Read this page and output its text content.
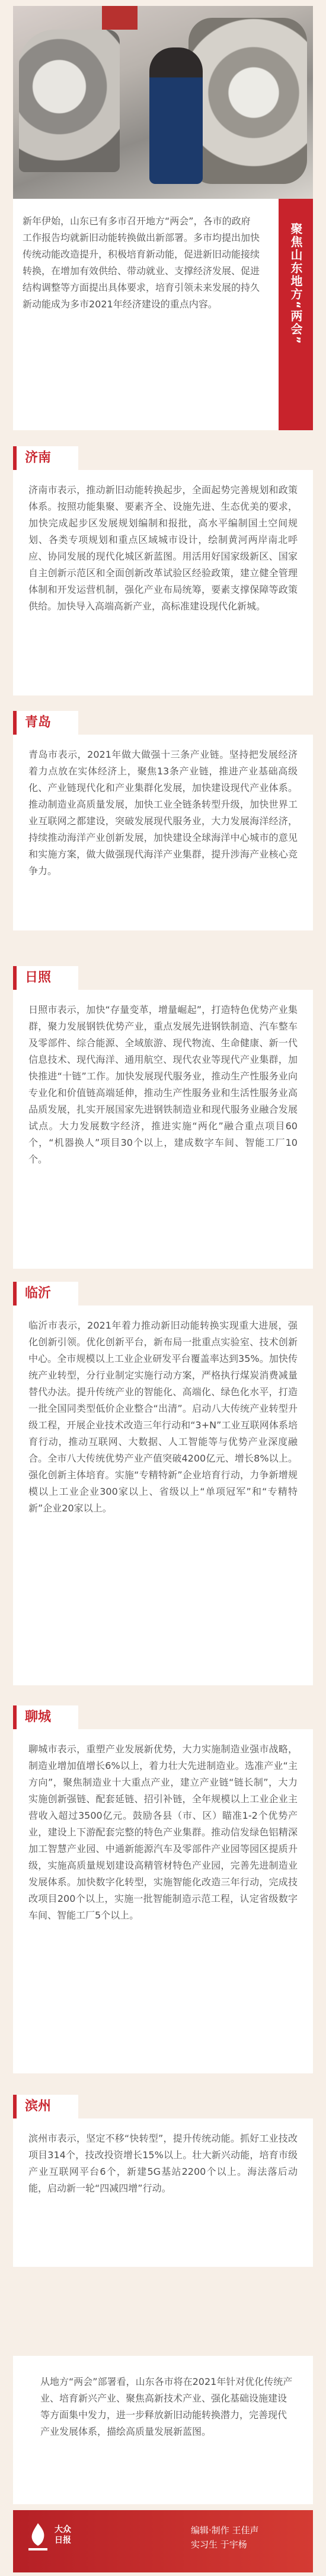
新年伊始，山东已有多市召开地方“两会”，各市的政府工作报告均就新旧动能转换做出新部署。多市均提出加快传统动能改造提升，积极培育新动能，促进新旧动能接续转换，在增加有效供给、带动就业、支撑经济发展、促进结构调整等方面提出具体要求，培育引领未来发展的持久新动能成为多市2021年经济建设的重点内容。	聚焦山东地方“两会”
济南
济南市表示，推动新旧动能转换起步，全面起势完善规划和政策体系。按照功能集聚、要素齐全、设施先进、生态优美的要求，加快完成起步区发展规划编制和报批，高水平编制国土空间规划、各类专项规划和重点区域城市设计，绘制黄河两岸南北呼应、协同发展的现代化城区新蓝图。用活用好国家级新区、国家自主创新示范区和全面创新改革试验区经验政策，建立健全管理体制和开发运营机制，强化产业布局统筹，要素支撑保障等政策供给。加快导入高端高新产业，高标准建设现代化新城。
青岛
青岛市表示，2021年做大做强十三条产业链。坚持把发展经济着力点放在实体经济上，聚焦13条产业链，推进产业基础高级化、产业链现代化和产业集群化发展，加快建设现代产业体系。推动制造业高质量发展，加快工业全链条转型升级，加快世界工业互联网之都建设，突破发展现代服务业，大力发展海洋经济，持续推动海洋产业创新发展，加快建设全球海洋中心城市的意见和实施方案，做大做强现代海洋产业集群，提升涉海产业核心竞争力。
日照
日照市表示，加快“存量变革，增量崛起”，打造特色优势产业集群，聚力发展钢铁优势产业，重点发展先进钢铁制造、汽车整车及零部件、综合能源、全域旅游、现代物流、生命健康、新一代信息技术、现代海洋、通用航空、现代农业等现代产业集群，加快推进“十链”工作。加快发展现代服务业，推动生产性服务业向专业化和价值链高端延伸，推动生产性服务业和生活性服务业高品质发展，扎实开展国家先进钢铁制造业和现代服务业融合发展试点。大力发展数字经济，推进实施“两化”融合重点项目60个，“机器换人”项目30个以上，建成数字车间、智能工厂10个。
临沂
临沂市表示，2021年着力推动新旧动能转换实现重大进展，强化创新引领。优化创新平台，新布局一批重点实验室、技术创新中心。全市规模以上工业企业研发平台覆盖率达到35%。加快传统产业转型，分行业制定实施行动方案，严格执行煤炭消费减量替代办法。提升传统产业的智能化、高端化、绿色化水平，打造一批全国同类型低价企业整合“出清”。启动八大传统产业转型升级工程，开展企业技术改造三年行动和“3+N”工业互联网体系培育行动，推动互联网、大数据、人工智能等与优势产业深度融合。全市八大传统优势产业产值突破4200亿元、增长8%以上。强化创新主体培育。实施“专精特新”企业培育行动，力争新增规模以上工业企业300家以上、省级以上“单项冠军”和“专精特新”企业20家以上。
聊城
聊城市表示，重塑产业发展新优势，大力实施制造业强市战略，制造业增加值增长6%以上，着力壮大先进制造业。选准产业“主方向”，聚焦制造业十大重点产业，建立产业链“链长制”，大力实施创新强链、配套延链、招引补链，全年规模以上工业企业主营收入超过3500亿元。鼓励各县（市、区）瞄准1-2个优势产业，建设上下游配套完整的特色产业集群。推动信发绿色铝精深加工智慧产业园、中通新能源汽车及零部件产业园等园区提质升级，实施高质量规划建设高精管材特色产业园，完善先进制造业发展体系。加快数字化转型，实施智能化改造三年行动，完成技改项目200个以上，实施一批智能制造示范工程，认定省级数字车间、智能工厂5个以上。
滨州
滨州市表示，坚定不移“快转型”，提升传统动能。抓好工业技改项目314个，技改投资增长15%以上。壮大新兴动能，培育市级产业互联网平台6个，新建5G基站2200个以上。海法落后动能，启动新一轮“四减四增”行动。
从地方“两会”部署看，山东各市将在2021年针对优化传统产业、培育新兴产业、聚焦高新技术产业、强化基础设施建设等方面集中发力，进一步释放新旧动能转换潜力，完善现代产业发展体系，描绘高质量发展新蓝图。
大众
日报
编辑·制作 王佳声
实习生 于宇杨
